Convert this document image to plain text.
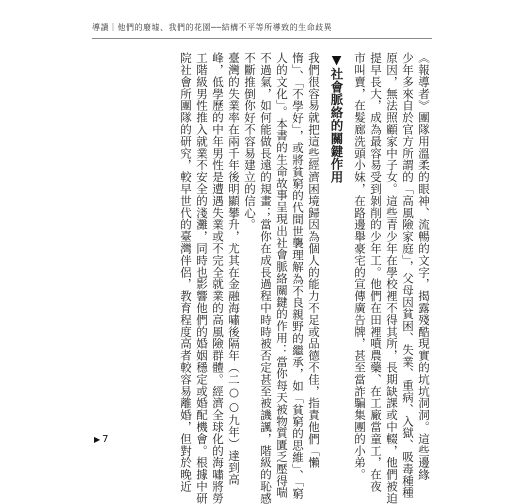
導讀｜他們的廢墟、我們的花園──結構不平等所導致的生命歧異

《報導者》團隊用溫柔的眼神、流暢的文字，揭露殘酷現實的坑坑洞洞。這些邊緣
少年多來自於官方所謂的「高風險家庭」，父母因貧困、失業、重病、入獄、吸毒種種
原因，無法照顧家中子女。這些青少年在學校裡不得其所，長期缺課或中輟，他們被迫
提早長大，成為最容易受到剝削的少年工。他們在田裡噴農藥、在工廠當童工，在夜
市叫賣，在髮廊洗頭小妹，在路邊舉豪宅的宣傳廣告牌，甚至當詐騙集團的小弟。

▼社會脈絡的關鍵作用

我們很容易就把這些經濟困境歸因為個人的能力不足或品德不佳，指責他們「懶
惰」、「不學好」，或將貧窮的代間世襲理解為不良親野的繼承，如「貧窮的思維」、「窮
人的文化」。本書的生命故事呈現出社會脈絡關鍵的作用：當你每天被物質匱乏壓得喘
不過氣，如何能做長遠的規畫；當你在成長過程中時時被否定甚至被譏諷，階級的恥感
不斷推倒你好不容易建立的信心。

臺灣的失業率在兩千年後明顯攀升，尤其在金融海嘯後隔年（二○○九年）達到高
峰，低學歷的中年男性是遭遇失業或不完全就業的高風險群體。經濟全球化的海嘯將勞
工階級男性推入就業不安全的淺灘，同時也影響他們的婚姻穩定或婚配機會。根據中研
院社會所團隊的研究，較早世代的臺灣伴侶，教育程度高者較容易離婚，但對於晚近

▶ 7
